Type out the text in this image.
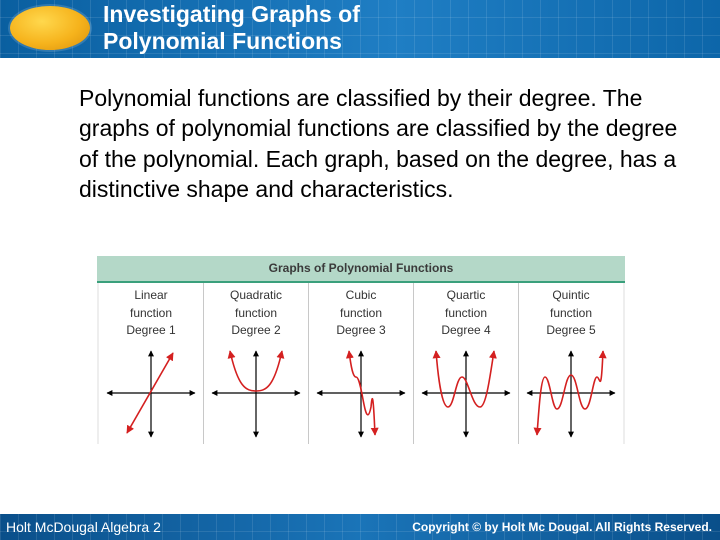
Investigating Graphs of
Polynomial Functions
Polynomial functions are classified by their degree. The graphs of polynomial functions are classified by the degree of the polynomial. Each graph, based on the degree, has a distinctive shape and characteristics.
Graphs of Polynomial Functions
Linear
function
Degree 1
Quadratic
function
Degree 2
Cubic
function
Degree 3
Quartic
function
Degree 4
Quintic
function
Degree 5
Holt McDougal Algebra 2	Copyright © by Holt Mc Dougal. All Rights Reserved.
